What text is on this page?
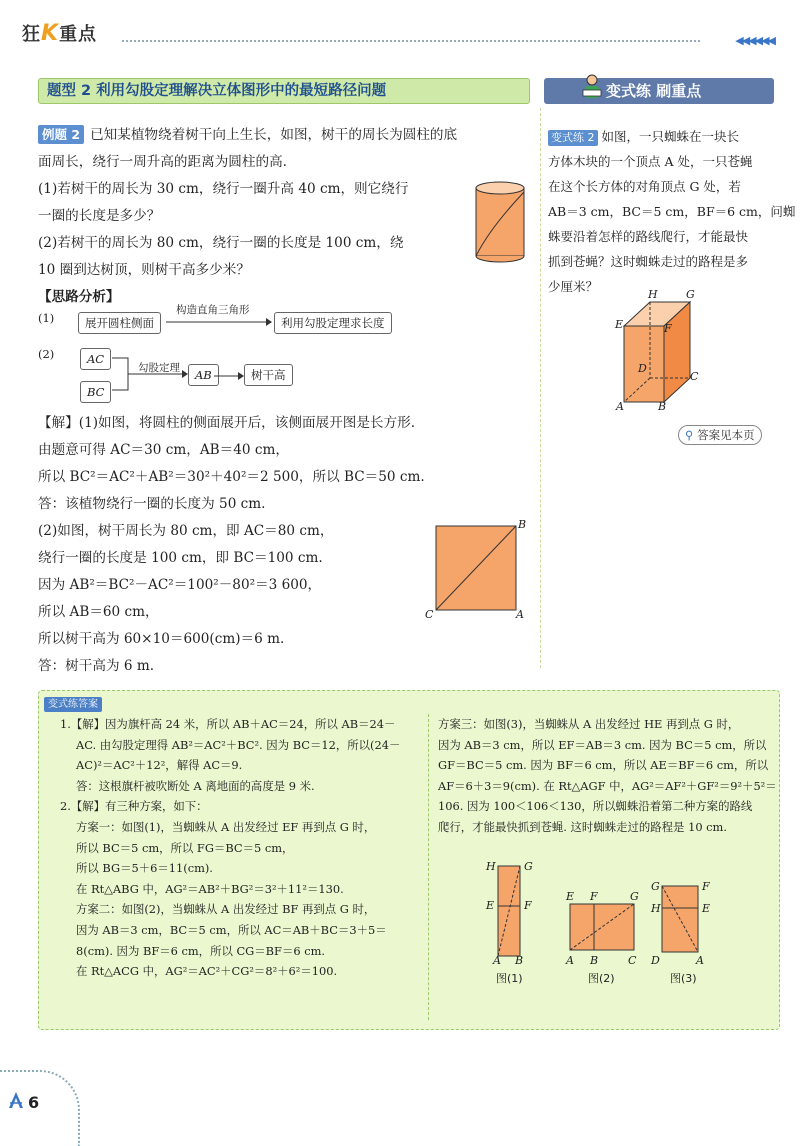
狂K重点	◀◀◀◀◀◀
题型 2 利用勾股定理解决立体图形中的最短路径问题	变式练 刷重点
例题 2 已知某植物绕着树干向上生长，如图，树干的周长为圆柱的底
面周长，绕行一周升高的距离为圆柱的高.
(1)若树干的周长为 30 cm，绕行一圈升高 40 cm，则它绕行
一圈的长度是多少？
(2)若树干的周长为 80 cm，绕行一圈的长度是 100 cm，绕
10 圈到达树顶，则树干高多少米？
【思路分析】
(1)	展开圆柱侧面
构造直角三角形
利用勾股定理求长度
(2)	AC
BC
勾股定理	AB	树干高
【解】(1)如图，将圆柱的侧面展开后，该侧面展开图是长方形.
由题意可得 AC＝30 cm，AB＝40 cm，
所以 BC²＝AC²＋AB²＝30²＋40²＝2 500，所以 BC＝50 cm.
答：该植物绕行一圈的长度为 50 cm.
(2)如图，树干周长为 80 cm，即 AC＝80 cm，
绕行一圈的长度是 100 cm，即 BC＝100 cm.
因为 AB²＝BC²－AC²＝100²－80²＝3 600，
所以 AB＝60 cm，
所以树干高为 60×10＝600(cm)＝6 m.
答：树干高为 6 m.
B
C	A
变式练 2 如图，一只蜘蛛在一块长
方体木块的一个顶点 A 处，一只苍蝇
在这个长方体的对角顶点 G 处，若
AB＝3 cm，BC＝5 cm，BF＝6 cm，问蜘
蛛要沿着怎样的路线爬行，才能最快
抓到苍蝇？这时蜘蛛走过的路程是多
少厘米？
H	G
E	F
D
C
A	B
⚲ 答案见本页
变式练答案
1.【解】因为旗杆高 24 米，所以 AB＋AC＝24，所以 AB＝24－
AC. 由勾股定理得 AB²＝AC²＋BC². 因为 BC＝12，所以(24－
AC)²＝AC²＋12²，解得 AC＝9.
答：这根旗杆被吹断处 A 离地面的高度是 9 米.
2.【解】有三种方案，如下：
方案一：如图(1)，当蜘蛛从 A 出发经过 EF 再到点 G 时，
所以 BC＝5 cm，所以 FG＝BC＝5 cm，
所以 BG＝5＋6＝11(cm).
在 Rt△ABG 中，AG²＝AB²＋BG²＝3²＋11²＝130.
方案二：如图(2)，当蜘蛛从 A 出发经过 BF 再到点 G 时，
因为 AB＝3 cm，BC＝5 cm，所以 AC＝AB＋BC＝3＋5＝
8(cm). 因为 BF＝6 cm，所以 CG＝BF＝6 cm.
在 Rt△ACG 中，AG²＝AC²＋CG²＝8²＋6²＝100.
方案三：如图(3)，当蜘蛛从 A 出发经过 HE 再到点 G 时，
因为 AB＝3 cm，所以 EF＝AB＝3 cm. 因为 BC＝5 cm，所以
GF＝BC＝5 cm. 因为 BF＝6 cm，所以 AE＝BF＝6 cm，所以
AF＝6＋3＝9(cm). 在 Rt△AGF 中，AG²＝AF²＋GF²＝9²＋5²＝
106. 因为 100＜106＜130，所以蜘蛛沿着第二种方案的路线
爬行，才能最快抓到苍蝇. 这时蜘蛛走过的路程是 10 cm.
H	G
E	F
A B
图(1)
E F	G
A B	C
图(2)
G	F
H	E
D	A
图(3)
6
